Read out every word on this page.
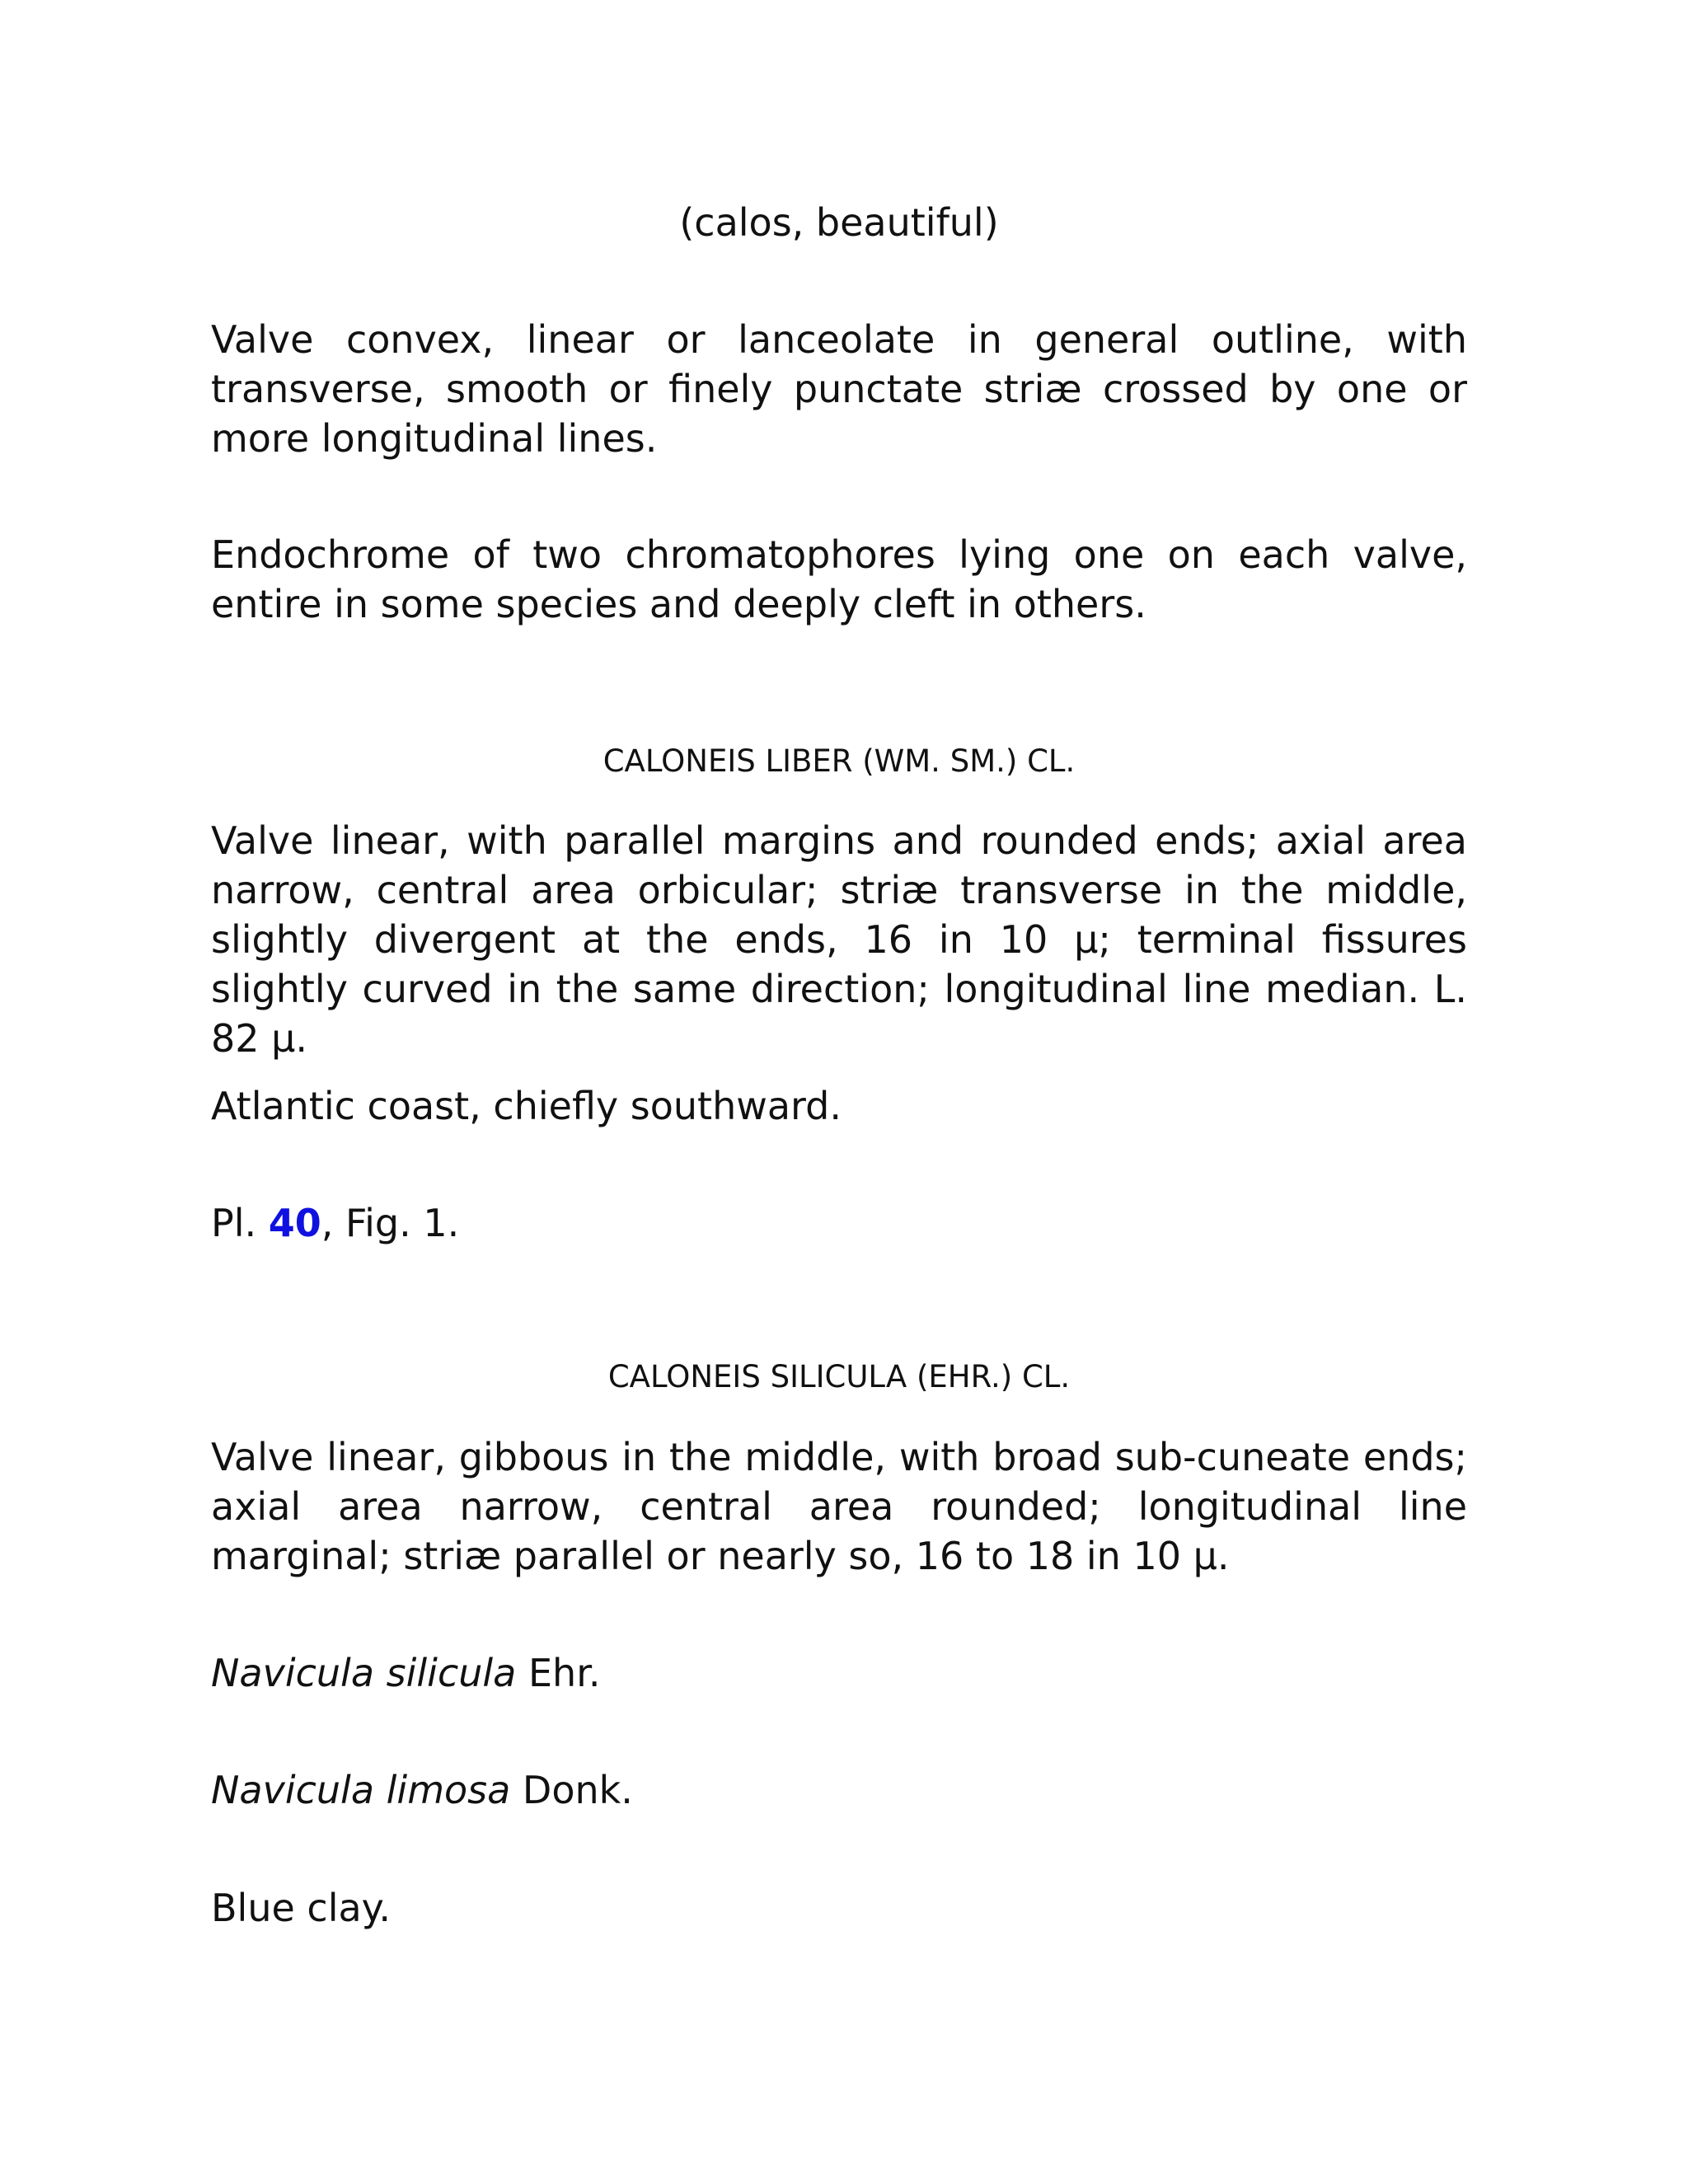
(calos, beautiful)

Valve convex, linear or lanceolate in general outline, with transverse, smooth or finely punctate striæ crossed by one or more longitudinal lines.

Endochrome of two chromatophores lying one on each valve, entire in some species and deeply cleft in others.

CALONEIS LIBER (WM. SM.) CL.

Valve linear, with parallel margins and rounded ends; axial area narrow, central area orbicular; striæ transverse in the middle, slightly divergent at the ends, 16 in 10 μ; terminal fissures slightly curved in the same direction; longitudinal line median. L. 82 μ.

Atlantic coast, chiefly southward.

Pl. 40, Fig. 1.

CALONEIS SILICULA (EHR.) CL.

Valve linear, gibbous in the middle, with broad sub-cuneate ends; axial area narrow, central area rounded; longitudinal line marginal; striæ parallel or nearly so, 16 to 18 in 10 μ.

Navicula silicula Ehr.

Navicula limosa Donk.

Blue clay.
